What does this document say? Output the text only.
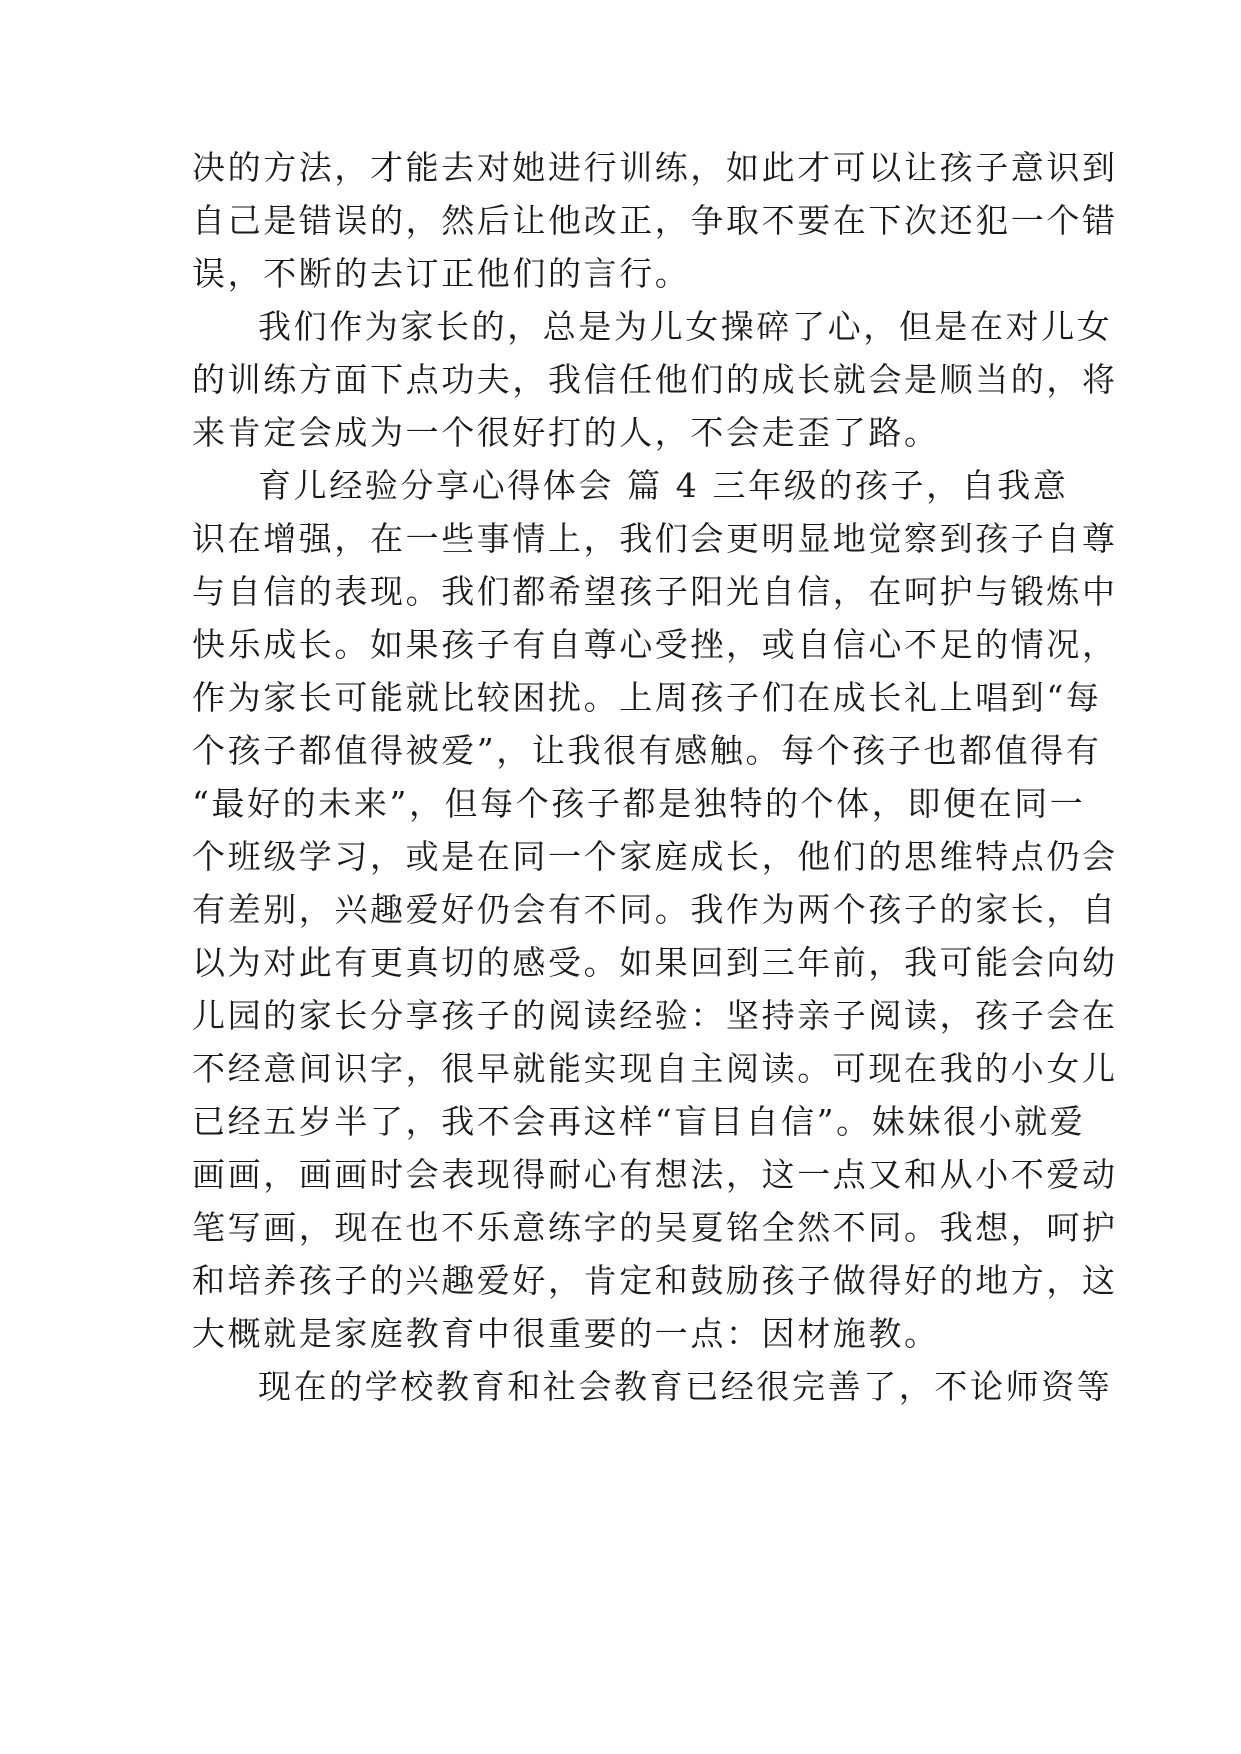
决的方法，才能去对她进行训练，如此才可以让孩子意识到
自己是错误的，然后让他改正，争取不要在下次还犯一个错
误，不断的去订正他们的言行。
我们作为家长的，总是为儿女操碎了心，但是在对儿女
的训练方面下点功夫，我信任他们的成长就会是顺当的，将
来肯定会成为一个很好打的人，不会走歪了路。
育儿经验分享心得体会 篇 4 三年级的孩子，自我意
识在增强，在一些事情上，我们会更明显地觉察到孩子自尊
与自信的表现。我们都希望孩子阳光自信，在呵护与锻炼中
快乐成长。如果孩子有自尊心受挫，或自信心不足的情况，
作为家长可能就比较困扰。上周孩子们在成长礼上唱到“每
个孩子都值得被爱”，让我很有感触。每个孩子也都值得有
“最好的未来”，但每个孩子都是独特的个体，即便在同一
个班级学习，或是在同一个家庭成长，他们的思维特点仍会
有差别，兴趣爱好仍会有不同。我作为两个孩子的家长，自
以为对此有更真切的感受。如果回到三年前，我可能会向幼
儿园的家长分享孩子的阅读经验：坚持亲子阅读，孩子会在
不经意间识字，很早就能实现自主阅读。可现在我的小女儿
已经五岁半了，我不会再这样“盲目自信”。妹妹很小就爱
画画，画画时会表现得耐心有想法，这一点又和从小不爱动
笔写画，现在也不乐意练字的吴夏铭全然不同。我想，呵护
和培养孩子的兴趣爱好，肯定和鼓励孩子做得好的地方，这
大概就是家庭教育中很重要的一点：因材施教。
现在的学校教育和社会教育已经很完善了，不论师资等
